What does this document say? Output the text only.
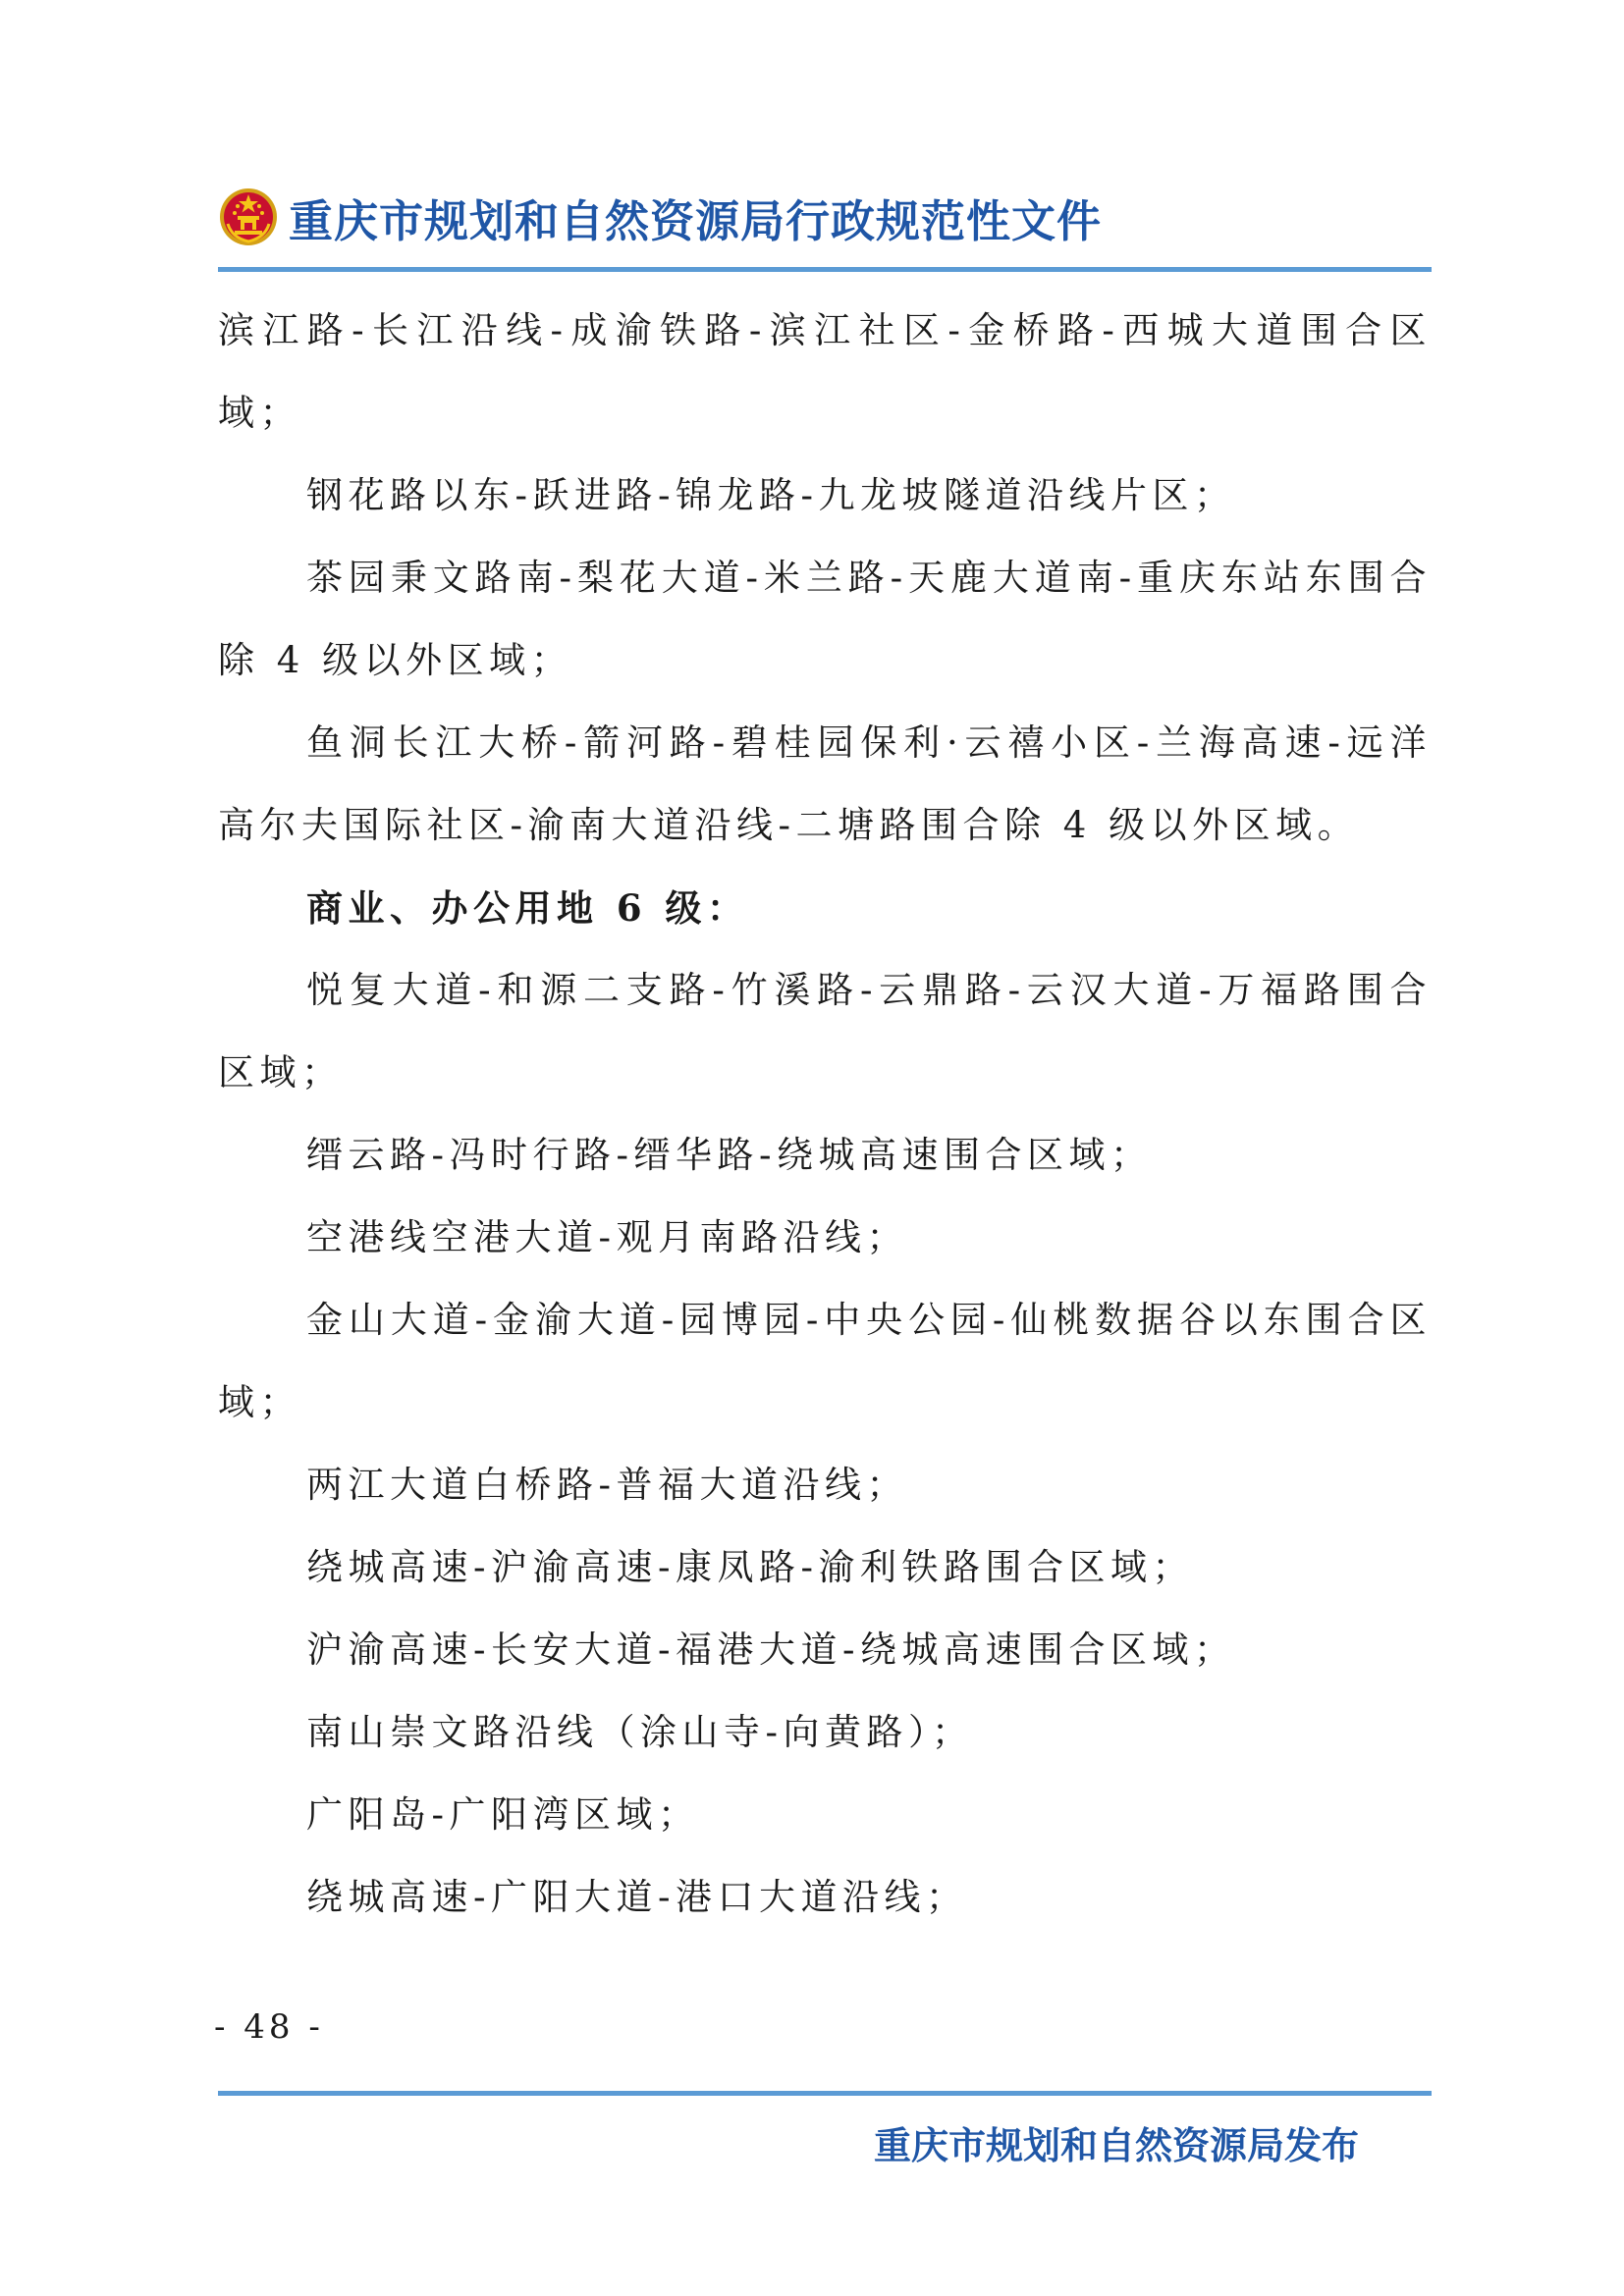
重庆市规划和自然资源局行政规范性文件

滨江路-长江沿线-成渝铁路-滨江社区-金桥路-西城大道围合区域；

钢花路以东-跃进路-锦龙路-九龙坡隧道沿线片区；

茶园秉文路南-梨花大道-米兰路-天鹿大道南-重庆东站东围合除 4 级以外区域；

鱼洞长江大桥-箭河路-碧桂园保利·云禧小区-兰海高速-远洋高尔夫国际社区-渝南大道沿线-二塘路围合除 4 级以外区域。

商业、办公用地 6 级：

悦复大道-和源二支路-竹溪路-云鼎路-云汉大道-万福路围合区域；

缙云路-冯时行路-缙华路-绕城高速围合区域；

空港线空港大道-观月南路沿线；

金山大道-金渝大道-园博园-中央公园-仙桃数据谷以东围合区域；

两江大道白桥路-普福大道沿线；

绕城高速-沪渝高速-康凤路-渝利铁路围合区域；

沪渝高速-长安大道-福港大道-绕城高速围合区域；

南山崇文路沿线（涂山寺-向黄路）；

广阳岛-广阳湾区域；

绕城高速-广阳大道-港口大道沿线；

- 48 -
重庆市规划和自然资源局发布
